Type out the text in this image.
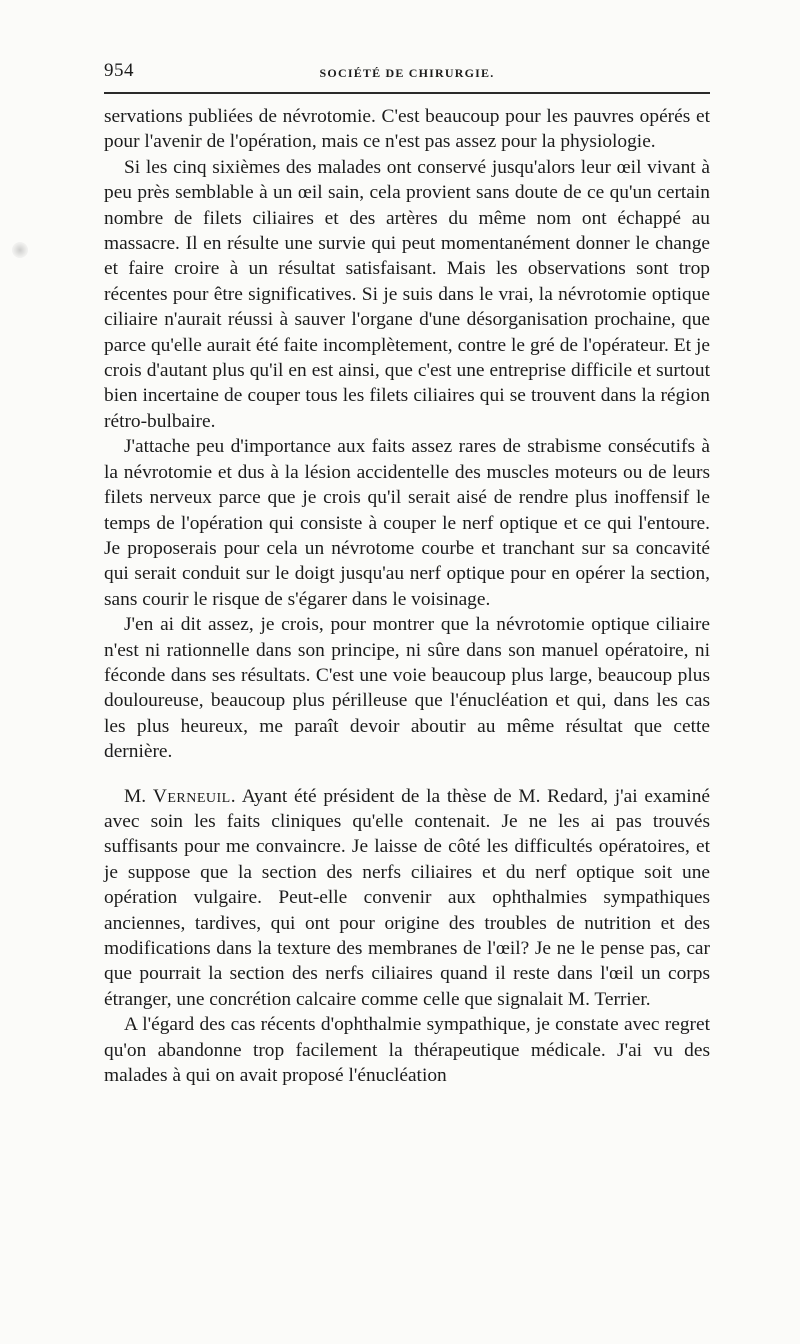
954	SOCIÉTÉ DE CHIRURGIE.

servations publiées de névrotomie. C'est beaucoup pour les pauvres opérés et pour l'avenir de l'opération, mais ce n'est pas assez pour la physiologie.

Si les cinq sixièmes des malades ont conservé jusqu'alors leur œil vivant à peu près semblable à un œil sain, cela provient sans doute de ce qu'un certain nombre de filets ciliaires et des artères du même nom ont échappé au massacre. Il en résulte une survie qui peut momentanément donner le change et faire croire à un résultat satisfaisant. Mais les observations sont trop récentes pour être significatives. Si je suis dans le vrai, la névrotomie optique ciliaire n'aurait réussi à sauver l'organe d'une désorganisation prochaine, que parce qu'elle aurait été faite incomplètement, contre le gré de l'opérateur. Et je crois d'autant plus qu'il en est ainsi, que c'est une entreprise difficile et surtout bien incertaine de couper tous les filets ciliaires qui se trouvent dans la région rétro-bulbaire.

J'attache peu d'importance aux faits assez rares de strabisme consécutifs à la névrotomie et dus à la lésion accidentelle des muscles moteurs ou de leurs filets nerveux parce que je crois qu'il serait aisé de rendre plus inoffensif le temps de l'opération qui consiste à couper le nerf optique et ce qui l'entoure. Je proposerais pour cela un névrotome courbe et tranchant sur sa concavité qui serait conduit sur le doigt jusqu'au nerf optique pour en opérer la section, sans courir le risque de s'égarer dans le voisinage.

J'en ai dit assez, je crois, pour montrer que la névrotomie optique ciliaire n'est ni rationnelle dans son principe, ni sûre dans son manuel opératoire, ni féconde dans ses résultats. C'est une voie beaucoup plus large, beaucoup plus douloureuse, beaucoup plus périlleuse que l'énucléation et qui, dans les cas les plus heureux, me paraît devoir aboutir au même résultat que cette dernière.

M. Verneuil. Ayant été président de la thèse de M. Redard, j'ai examiné avec soin les faits cliniques qu'elle contenait. Je ne les ai pas trouvés suffisants pour me convaincre. Je laisse de côté les difficultés opératoires, et je suppose que la section des nerfs ciliaires et du nerf optique soit une opération vulgaire. Peut-elle convenir aux ophthalmies sympathiques anciennes, tardives, qui ont pour origine des troubles de nutrition et des modifications dans la texture des membranes de l'œil? Je ne le pense pas, car que pourrait la section des nerfs ciliaires quand il reste dans l'œil un corps étranger, une concrétion calcaire comme celle que signalait M. Terrier.

A l'égard des cas récents d'ophthalmie sympathique, je constate avec regret qu'on abandonne trop facilement la thérapeutique médicale. J'ai vu des malades à qui on avait proposé l'énucléation
